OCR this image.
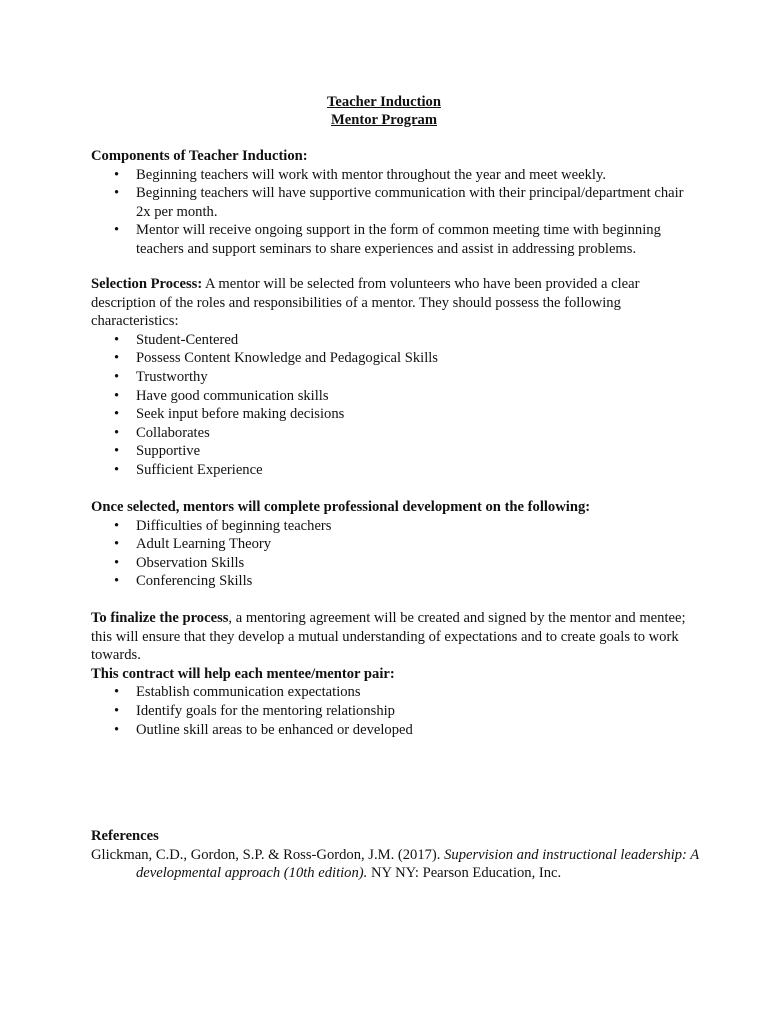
Teacher Induction
Mentor Program
Components of Teacher Induction:
• Beginning teachers will work with mentor throughout the year and meet weekly.
• Beginning teachers will have supportive communication with their principal/department chair 2x per month.
• Mentor will receive ongoing support in the form of common meeting time with beginning teachers and support seminars to share experiences and assist in addressing problems.
Selection Process: A mentor will be selected from volunteers who have been provided a clear description of the roles and responsibilities of a mentor. They should possess the following characteristics:
• Student-Centered
• Possess Content Knowledge and Pedagogical Skills
• Trustworthy
• Have good communication skills
• Seek input before making decisions
• Collaborates
• Supportive
• Sufficient Experience
Once selected, mentors will complete professional development on the following:
• Difficulties of beginning teachers
• Adult Learning Theory
• Observation Skills
• Conferencing Skills
To finalize the process, a mentoring agreement will be created and signed by the mentor and mentee; this will ensure that they develop a mutual understanding of expectations and to create goals to work towards.
This contract will help each mentee/mentor pair:
• Establish communication expectations
• Identify goals for the mentoring relationship
• Outline skill areas to be enhanced or developed
References
Glickman, C.D., Gordon, S.P. & Ross-Gordon, J.M. (2017). Supervision and instructional leadership: A developmental approach (10th edition). NY NY: Pearson Education, Inc.
